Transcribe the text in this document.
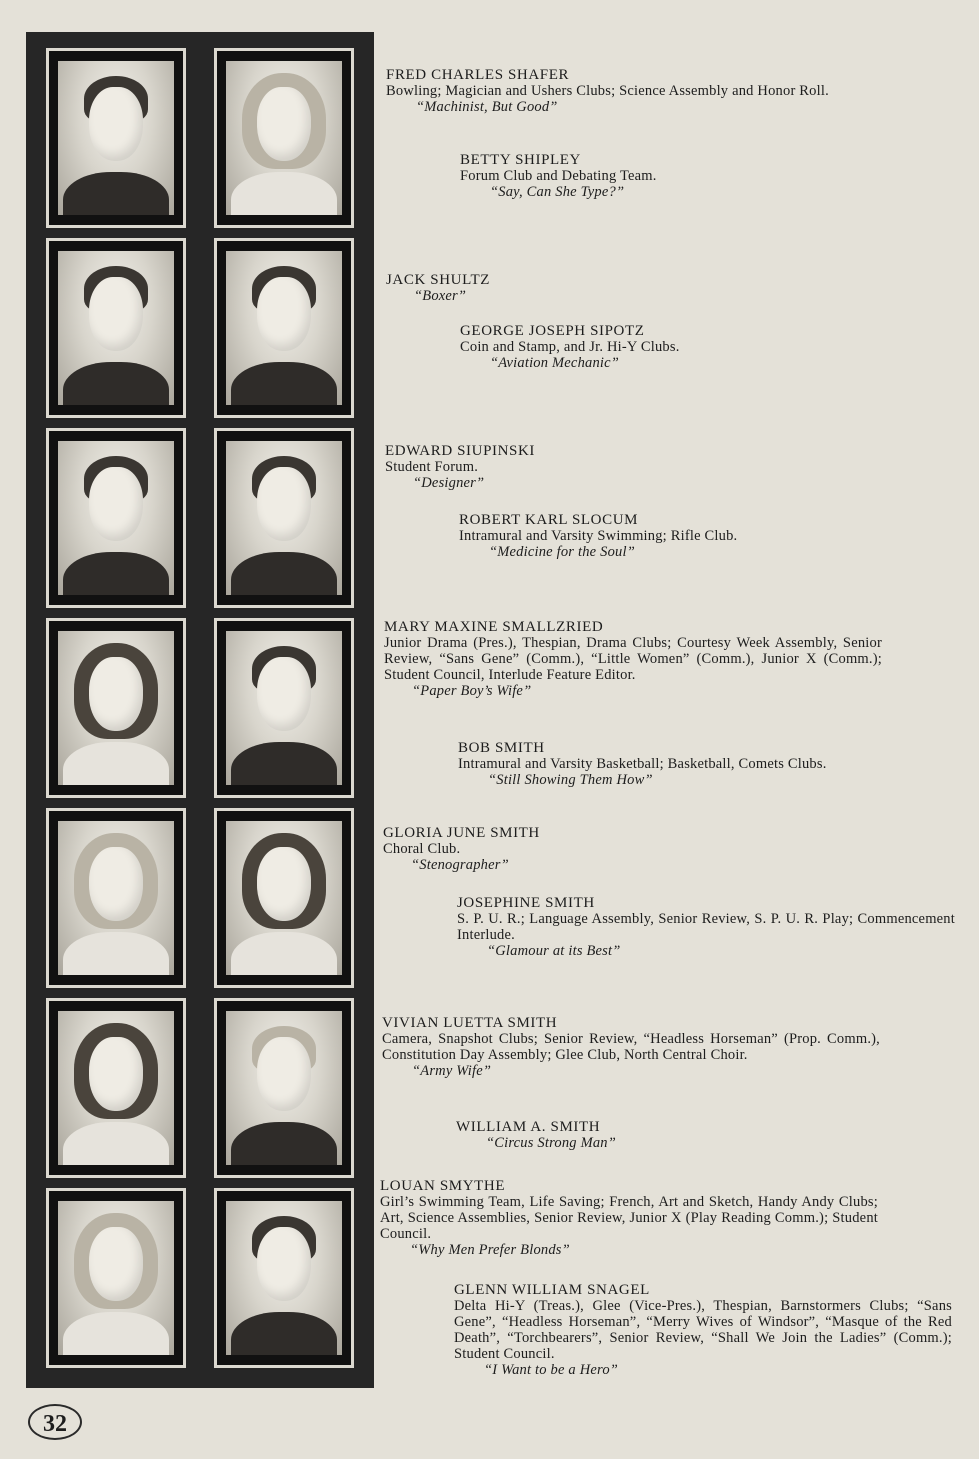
FRED CHARLES SHAFER
Bowling; Magician and Ushers Clubs; Science Assembly and Honor Roll.
“Machinist, But Good”
BETTY SHIPLEY
Forum Club and Debating Team.
“Say, Can She Type?”
JACK SHULTZ
“Boxer”
GEORGE JOSEPH SIPOTZ
Coin and Stamp, and Jr. Hi-Y Clubs.
“Aviation Mechanic”
EDWARD SIUPINSKI
Student Forum.
“Designer”
ROBERT KARL SLOCUM
Intramural and Varsity Swimming; Rifle Club.
“Medicine for the Soul”
MARY MAXINE SMALLZRIED
Junior Drama (Pres.), Thespian, Drama Clubs; Courtesy Week Assembly, Senior Review, “Sans Gene” (Comm.), “Little Women” (Comm.), Junior X (Comm.); Student Council, Interlude Feature Editor.
“Paper Boy’s Wife”
BOB SMITH
Intramural and Varsity Basketball; Basketball, Comets Clubs.
“Still Showing Them How”
GLORIA JUNE SMITH
Choral Club.
“Stenographer”
JOSEPHINE SMITH
S. P. U. R.; Language Assembly, Senior Review, S. P. U. R. Play; Commencement Interlude.
“Glamour at its Best”
VIVIAN LUETTA SMITH
Camera, Snapshot Clubs; Senior Review, “Headless Horseman” (Prop. Comm.), Constitution Day Assembly; Glee Club, North Central Choir.
“Army Wife”
WILLIAM A. SMITH
“Circus Strong Man”
LOUAN SMYTHE
Girl’s Swimming Team, Life Saving; French, Art and Sketch, Handy Andy Clubs; Art, Science Assemblies, Senior Review, Junior X (Play Reading Comm.); Student Council.
“Why Men Prefer Blonds”
GLENN WILLIAM SNAGEL
Delta Hi-Y (Treas.), Glee (Vice-Pres.), Thespian, Barnstormers Clubs; “Sans Gene”, “Headless Horseman”, “Merry Wives of Windsor”, “Masque of the Red Death”, “Torchbearers”, Senior Review, “Shall We Join the Ladies” (Comm.); Student Council.
“I Want to be a Hero”
32
